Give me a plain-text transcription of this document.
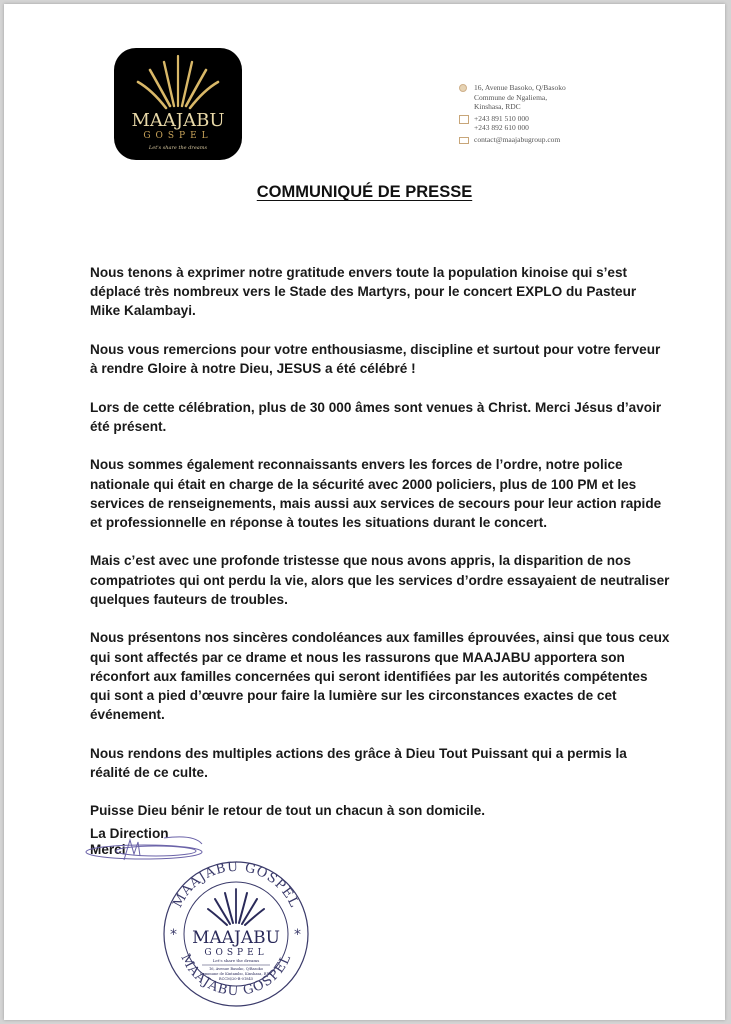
MAAJABU
GOSPEL
Let's share the dreams
16, Avenue Basoko, Q/Basoko
Commune de Ngaliema,
Kinshasa, RDC
+243 891 510 000
+243 892 610 000
contact@maajabugroup.com
COMMUNIQUÉ DE PRESSE

Nous tenons à exprimer notre gratitude envers toute la population kinoise qui s’est déplacé très nombreux vers le Stade des Martyrs, pour le concert EXPLO du Pasteur Mike Kalambayi.

Nous vous remercions pour votre enthousiasme, discipline et surtout pour votre ferveur à rendre Gloire à notre Dieu, JESUS a été célébré !

Lors de cette célébration, plus de 30 000 âmes sont venues à Christ. Merci Jésus d’avoir été présent.

Nous sommes également reconnaissants envers les forces de l’ordre, notre police nationale qui était en charge de la sécurité avec 2000 policiers, plus de 100 PM et les services de renseignements, mais aussi aux services de secours pour leur action rapide et professionnelle en réponse à toutes les situations durant le concert.

Mais c’est avec une profonde tristesse que nous avons appris, la disparition de nos compatriotes qui ont perdu la vie, alors que les services d’ordre essayaient de neutraliser quelques fauteurs de troubles.

Nous présentons nos sincères condoléances aux familles éprouvées, ainsi que tous ceux qui sont affectés par ce drame et nous les rassurons que MAAJABU apportera son réconfort aux familles concernées qui seront identifiées par les autorités compétentes qui sont a pied d’œuvre pour faire la lumière sur les circonstances exactes de cet événement.

Nous rendons des multiples actions des grâce à Dieu Tout Puissant qui a permis la réalité de ce culte.

Puisse Dieu bénir le retour de tout un chacun à son domicile.

Merci

La Direction
MAAJABU GOSPEL
MAAJABU GOSPEL
*	*
MAAJABU
GOSPEL
Let's share the dreams
16, Avenue Basoko, Q/Basoko
Commune de Kintambo, Kinshasa, RDC
RCCM/20-B-01845
